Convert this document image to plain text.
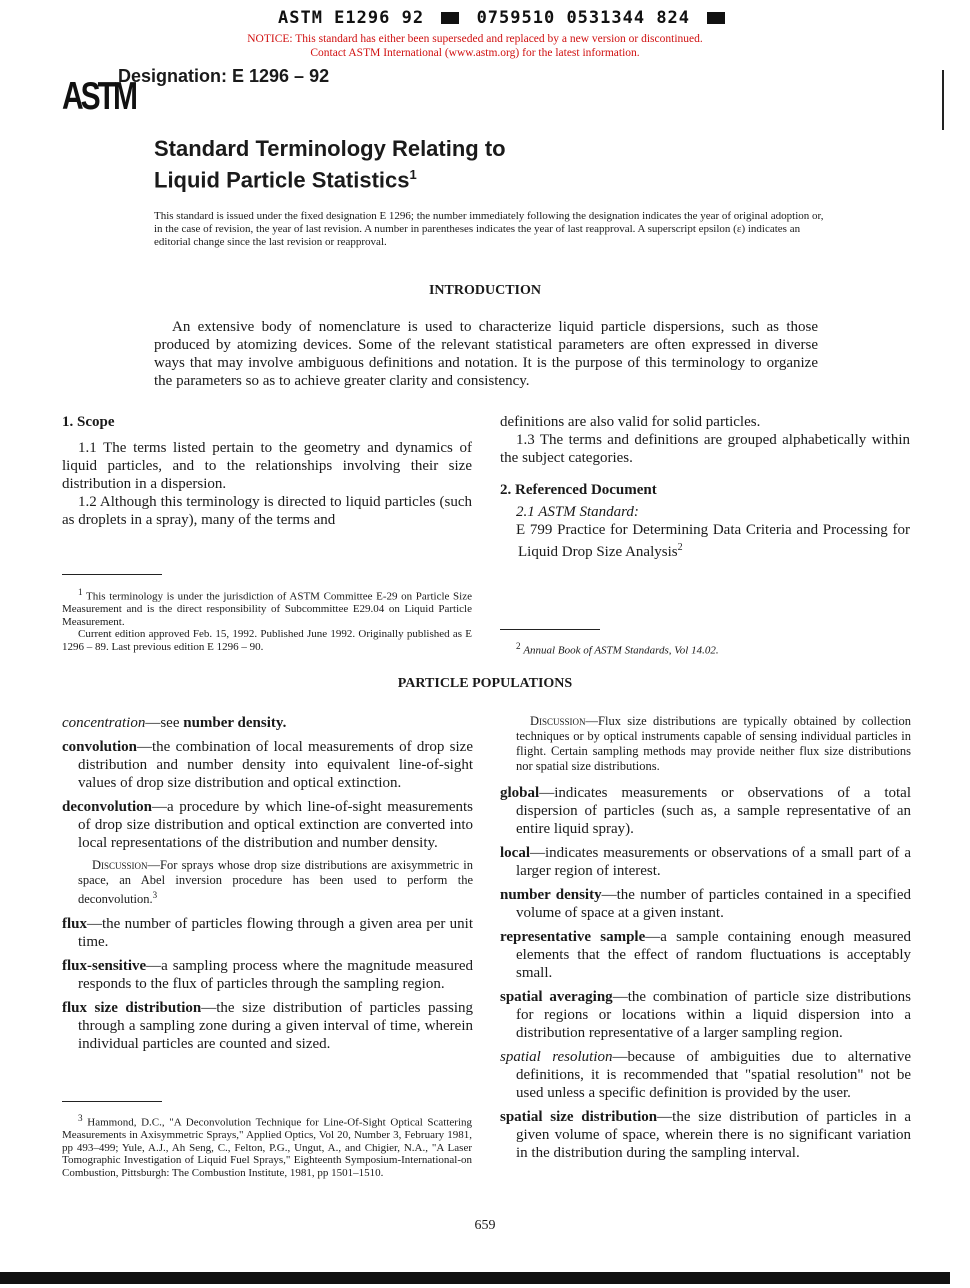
ASTM E1296 92	0759510 0531344 824
NOTICE: This standard has either been superseded and replaced by a new version or discontinued.
Contact ASTM International (www.astm.org) for the latest information.
ASTM
Designation: E 1296 – 92
Standard Terminology Relating to
Liquid Particle Statistics$^1$
This standard is issued under the fixed designation E 1296; the number immediately following the designation indicates the year of original adoption or, in the case of revision, the year of last revision. A number in parentheses indicates the year of last reapproval. A superscript epsilon (ε) indicates an editorial change since the last revision or reapproval.
INTRODUCTION
An extensive body of nomenclature is used to characterize liquid particle dispersions, such as those produced by atomizing devices. Some of the relevant statistical parameters are often expressed in diverse ways that may involve ambiguous definitions and notation. It is the purpose of this terminology to organize the parameters so as to achieve greater clarity and consistency.
1. Scope

1.1 The terms listed pertain to the geometry and dynamics of liquid particles, and to the relationships involving their size distribution in a dispersion.

1.2 Although this terminology is directed to liquid particles (such as droplets in a spray), many of the terms and

$^1$ This terminology is under the jurisdiction of ASTM Committee E-29 on Particle Size Measurement and is the direct responsibility of Subcommittee E29.04 on Liquid Particle Measurement.

Current edition approved Feb. 15, 1992. Published June 1992. Originally published as E 1296 – 89. Last previous edition E 1296 – 90.

definitions are also valid for solid particles.

1.3 The terms and definitions are grouped alphabetically within the subject categories.

2. Referenced Document

2.1 ASTM Standard:

E 799 Practice for Determining Data Criteria and Processing for Liquid Drop Size Analysis$^2$

$^2$ Annual Book of ASTM Standards, Vol 14.02.
PARTICLE POPULATIONS

concentration—see number density.

convolution—the combination of local measurements of drop size distribution and number density into equivalent line-of-sight values of drop size distribution and optical extinction.

deconvolution—a procedure by which line-of-sight measurements of drop size distribution and optical extinction are converted into local representations of the distribution and number density.

Discussion—For sprays whose drop size distributions are axisymmetric in space, an Abel inversion procedure has been used to perform the deconvolution.$^3$

flux—the number of particles flowing through a given area per unit time.

flux-sensitive—a sampling process where the magnitude measured responds to the flux of particles through the sampling region.

flux size distribution—the size distribution of particles passing through a sampling zone during a given interval of time, wherein individual particles are counted and sized.

$^3$ Hammond, D.C., "A Deconvolution Technique for Line-Of-Sight Optical Scattering Measurements in Axisymmetric Sprays," Applied Optics, Vol 20, Number 3, February 1981, pp 493–499; Yule, A.J., Ah Seng, C., Felton, P.G., Ungut, A., and Chigier, N.A., "A Laser Tomographic Investigation of Liquid Fuel Sprays," Eighteenth Symposium-International-on Combustion, Pittsburgh: The Combustion Institute, 1981, pp 1501–1510.

Discussion—Flux size distributions are typically obtained by collection techniques or by optical instruments capable of sensing individual particles in flight. Certain sampling methods may provide neither flux size distributions nor spatial size distributions.

global—indicates measurements or observations of a total dispersion of particles (such as, a sample representative of an entire liquid spray).

local—indicates measurements or observations of a small part of a larger region of interest.

number density—the number of particles contained in a specified volume of space at a given instant.

representative sample—a sample containing enough measured elements that the effect of random fluctuations is acceptably small.

spatial averaging—the combination of particle size distributions for regions or locations within a liquid dispersion into a distribution representative of a larger sampling region.

spatial resolution—because of ambiguities due to alternative definitions, it is recommended that "spatial resolution" not be used unless a specific definition is provided by the user.

spatial size distribution—the size distribution of particles in a given volume of space, wherein there is no significant variation in the distribution during the sampling interval.

659
